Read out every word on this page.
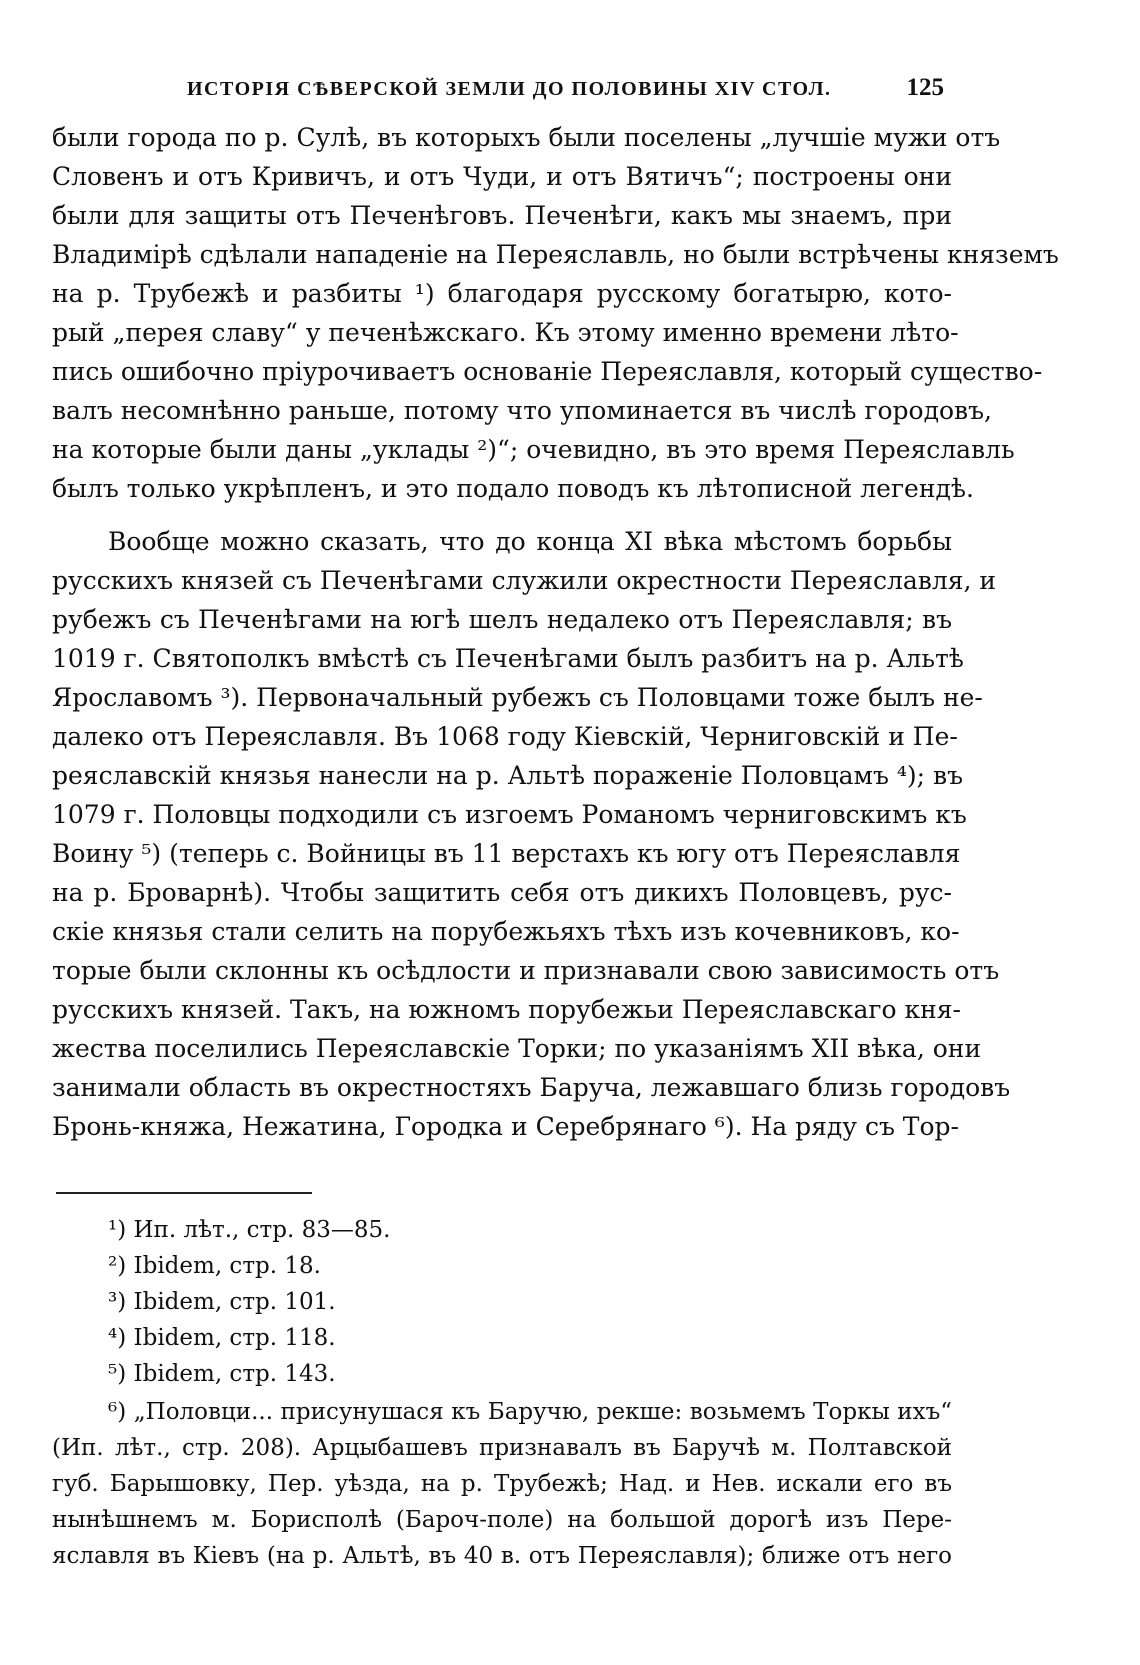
ИСТОРІЯ СѢВЕРСКОЙ ЗЕМЛИ ДО ПОЛОВИНЫ XIV СТОЛ.	125

были города по р. Сулѣ, въ которыхъ были поселены „лучшіе мужи отъ
Словенъ и отъ Кривичъ, и отъ Чуди, и отъ Вятичъ“; построены они
были для защиты отъ Печенѣговъ. Печенѣги, какъ мы знаемъ, при
Владимірѣ сдѣлали нападеніе на Переяславль, но были встрѣчены княземъ
на р. Трубежѣ и разбиты ¹) благодаря русскому богатырю, кото-
рый „перея славу“ у печенѣжскаго. Къ этому именно времени лѣто-
пись ошибочно пріурочиваетъ основаніе Переяславля, который существо-
валъ несомнѣнно раньше, потому что упоминается въ числѣ городовъ,
на которые были даны „уклады ²)“; очевидно, въ это время Переяславль
былъ только укрѣпленъ, и это подало поводъ къ лѣтописной легендѣ.

Вообще можно сказать, что до конца XI вѣка мѣстомъ борьбы
русскихъ князей съ Печенѣгами служили окрестности Переяславля, и
рубежъ съ Печенѣгами на югѣ шелъ недалеко отъ Переяславля; въ
1019 г. Святополкъ вмѣстѣ съ Печенѣгами былъ разбитъ на р. Альтѣ
Ярославомъ ³). Первоначальный рубежъ съ Половцами тоже былъ не-
далеко отъ Переяславля. Въ 1068 году Кіевскій, Черниговскій и Пе-
реяславскій князья нанесли на р. Альтѣ пораженіе Половцамъ ⁴); въ
1079 г. Половцы подходили съ изгоемъ Романомъ черниговскимъ къ
Воину ⁵) (теперь с. Войницы въ 11 верстахъ къ югу отъ Переяславля
на р. Броварнѣ). Чтобы защитить себя отъ дикихъ Половцевъ, рус-
скіе князья стали селить на порубежьяхъ тѣхъ изъ кочевниковъ, ко-
торые были склонны къ осѣдлости и признавали свою зависимость отъ
русскихъ князей. Такъ, на южномъ порубежьи Переяславскаго кня-
жества поселились Переяславскіе Торки; по указаніямъ XII вѣка, они
занимали область въ окрестностяхъ Баруча, лежавшаго близь городовъ
Бронь-княжа, Нежатина, Городка и Серебрянаго ⁶). На ряду съ Тор-

¹) Ип. лѣт., стр. 83—85.
²) Ibidem, стр. 18.
³) Ibidem, стр. 101.
⁴) Ibidem, стр. 118.
⁵) Ibidem, стр. 143.
⁶) „Половци... присунушася къ Баручю, рекше: возьмемъ Торкы ихъ“
(Ип. лѣт., стр. 208). Арцыбашевъ признавалъ въ Баручѣ м. Полтавской
губ. Барышовку, Пер. уѣзда, на р. Трубежѣ; Над. и Нев. искали его въ
нынѣшнемъ м. Борисполѣ (Бароч-поле) на большой дорогѣ изъ Пере-
яславля въ Кіевъ (на р. Альтѣ, въ 40 в. отъ Переяславля); ближе отъ него
